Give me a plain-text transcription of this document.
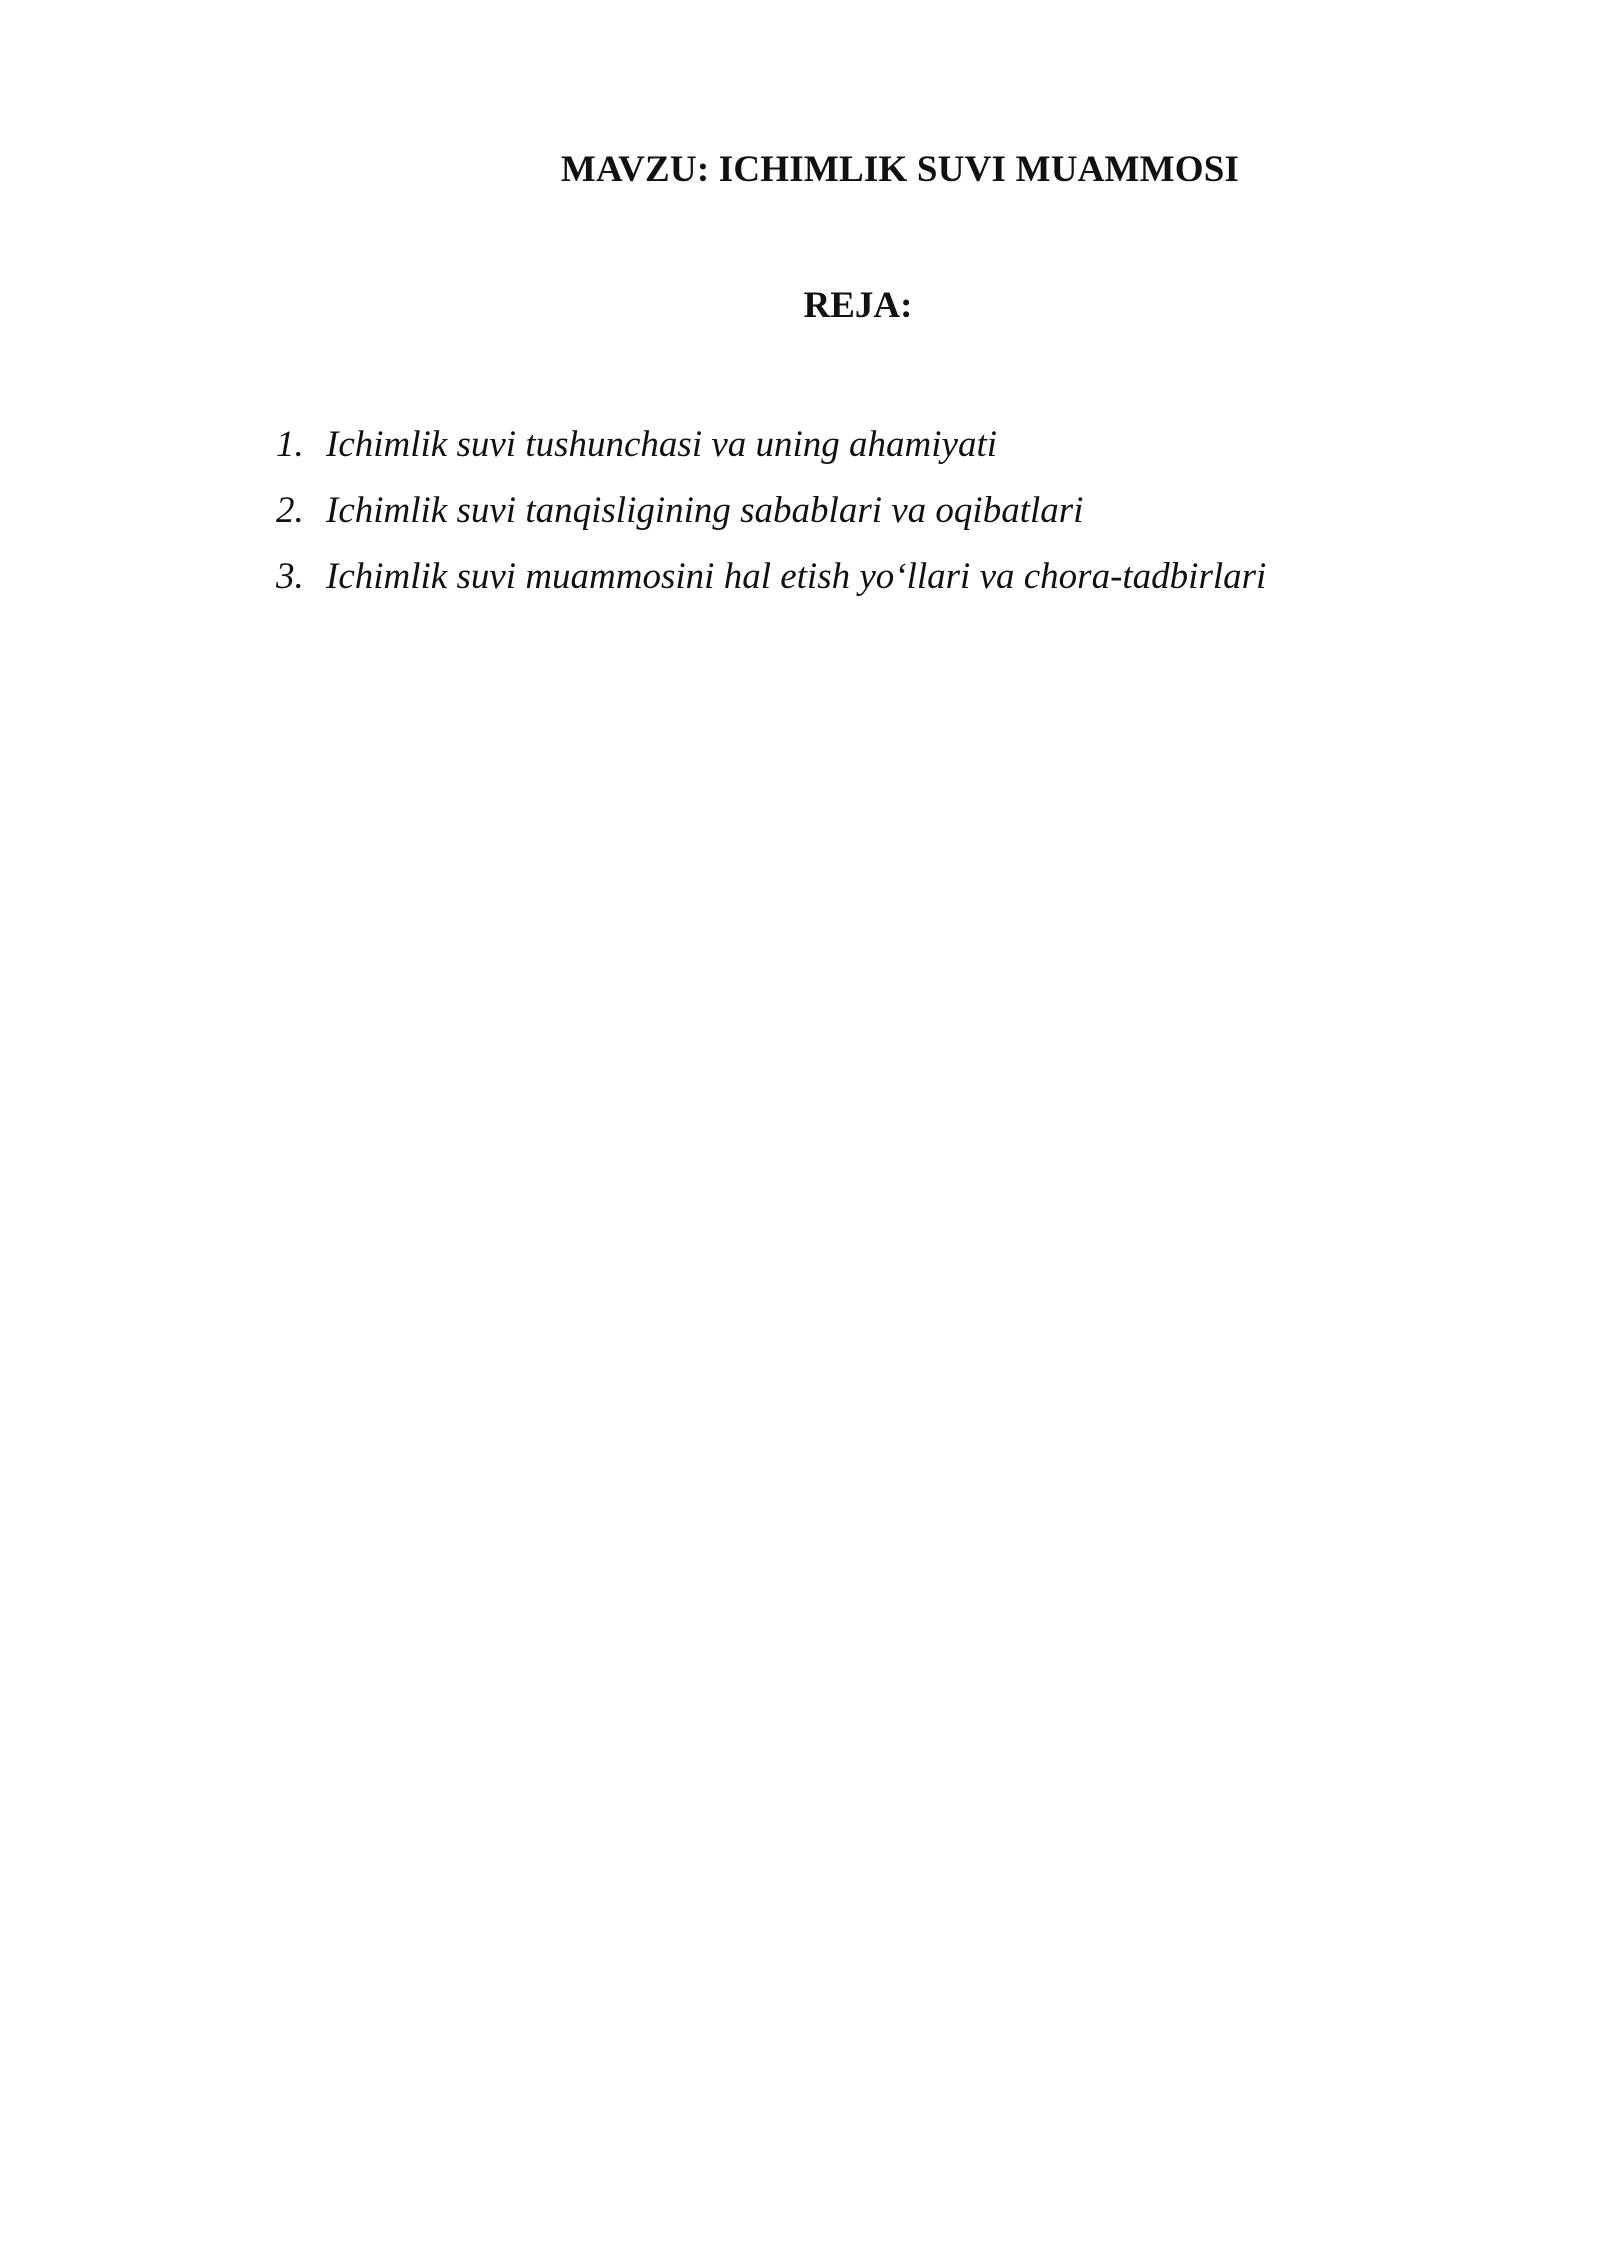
MAVZU: ICHIMLIK SUVI MUAMMOSI
REJA:
1. Ichimlik suvi tushunchasi va uning ahamiyati
2. Ichimlik suvi tanqisligining sabablari va oqibatlari
3. Ichimlik suvi muammosini hal etish yo‘llari va chora-tadbirlari
